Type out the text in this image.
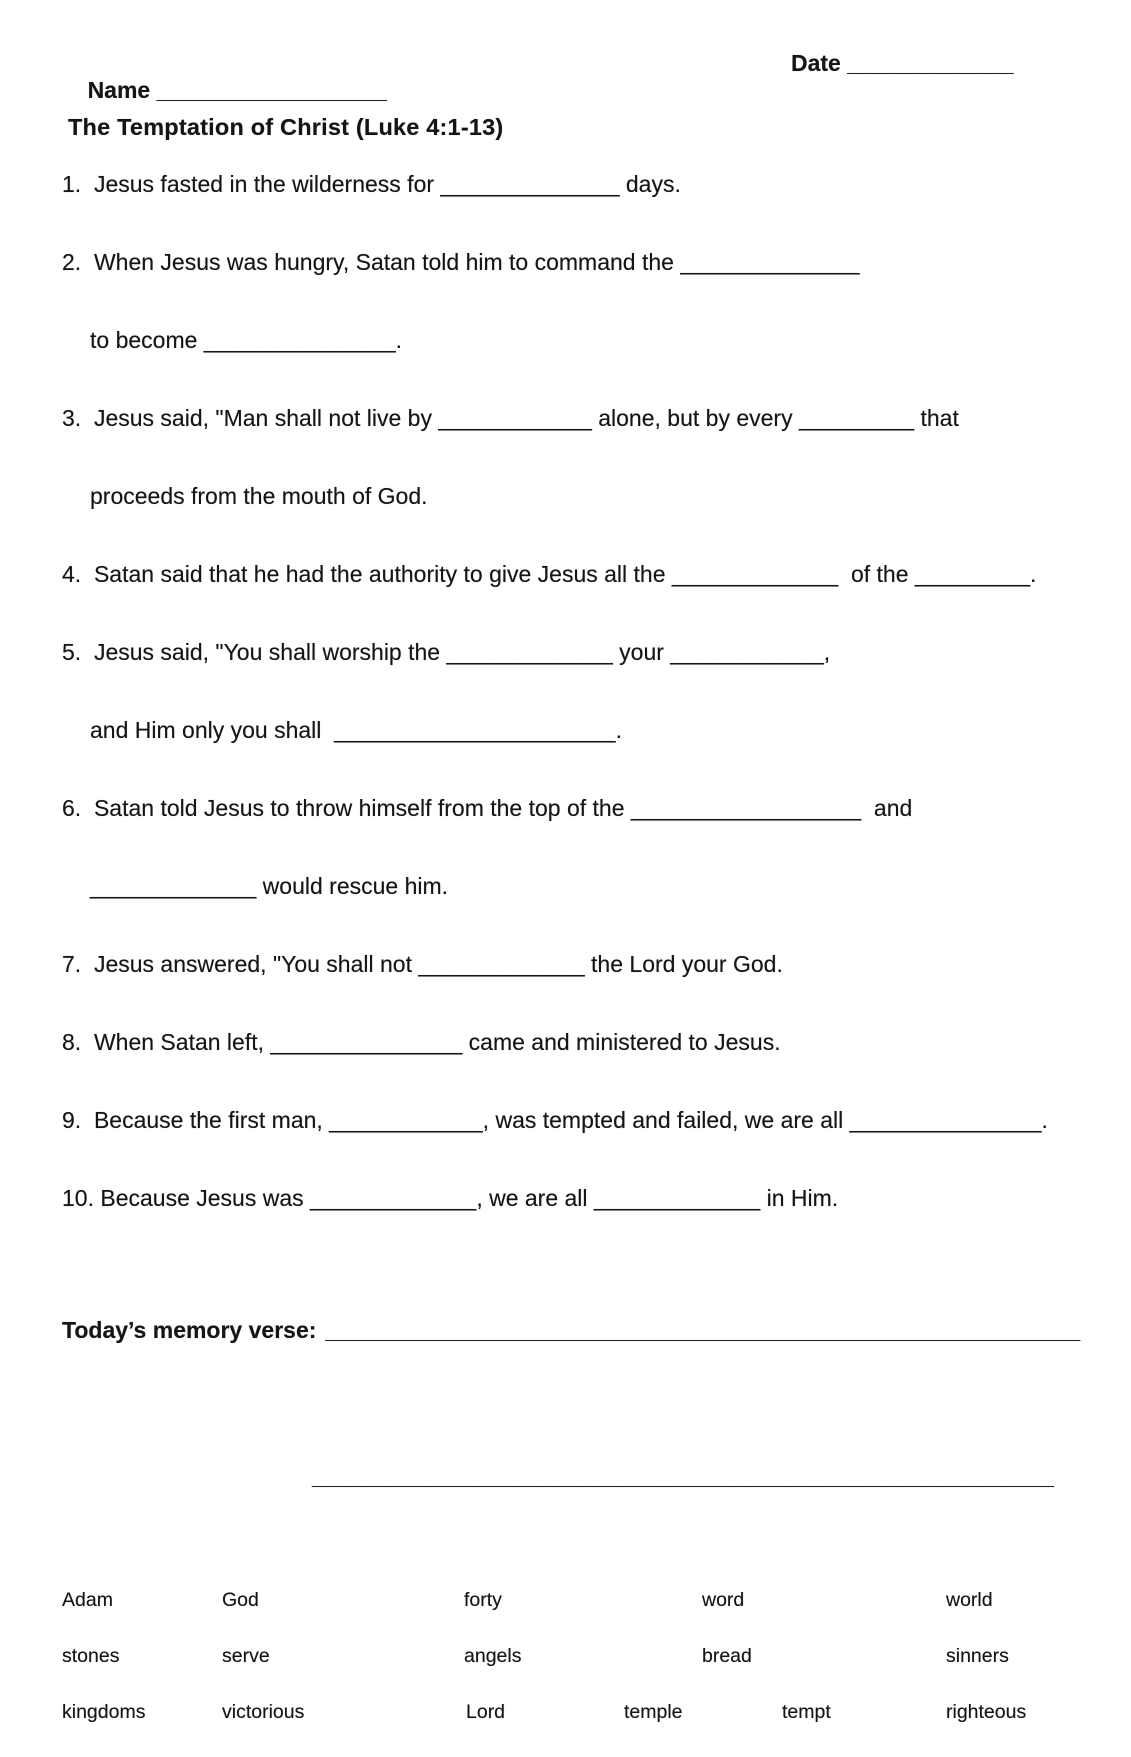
Name __________________

Date _____________

The Temptation of Christ (Luke 4:1-13)
1.  Jesus fasted in the wilderness for ______________ days.
2.  When Jesus was hungry, Satan told him to command the ______________
to become _______________.
3.  Jesus said, "Man shall not live by ____________ alone, but by every _________ that
proceeds from the mouth of God.
4.  Satan said that he had the authority to give Jesus all the _____________  of the _________.
5.  Jesus said, "You shall worship the _____________ your ____________,
and Him only you shall  ______________________.
6.  Satan told Jesus to throw himself from the top of the __________________  and
_____________ would rescue him.
7.  Jesus answered, "You shall not _____________ the Lord your God.
8.  When Satan left, _______________ came and ministered to Jesus.
9.  Because the first man, ____________, was tempted and failed, we are all _______________.
10. Because Jesus was _____________, we are all _____________ in Him.

Today’s memory verse: ___________________________________________________________

__________________________________________________________

Adam	God	forty	word	world
stones	serve	angels	bread	sinners
kingdoms	victorious	Lord	temple	tempt	righteous
